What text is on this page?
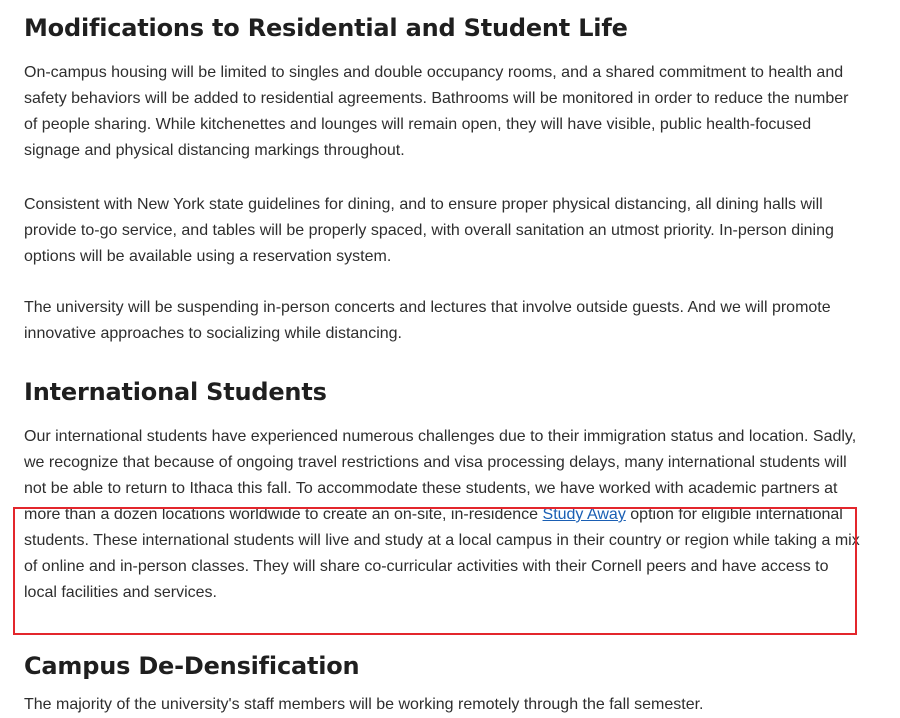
Modifications to Residential and Student Life

On-campus housing will be limited to singles and double occupancy rooms, and a shared commitment to health and safety behaviors will be added to residential agreements. Bathrooms will be monitored in order to reduce the number of people sharing. While kitchenettes and lounges will remain open, they will have visible, public health-focused signage and physical distancing markings throughout.

Consistent with New York state guidelines for dining, and to ensure proper physical distancing, all dining halls will provide to-go service, and tables will be properly spaced, with overall sanitation an utmost priority. In-person dining options will be available using a reservation system.

The university will be suspending in-person concerts and lectures that involve outside guests. And we will promote innovative approaches to socializing while distancing.

International Students

Our international students have experienced numerous challenges due to their immigration status and location. Sadly, we recognize that because of ongoing travel restrictions and visa processing delays, many international students will not be able to return to Ithaca this fall. To accommodate these students, we have worked with academic partners at more than a dozen locations worldwide to create an on-site, in-residence Study Away option for eligible international students. These international students will live and study at a local campus in their country or region while taking a mix of online and in-person classes. They will share co-curricular activities with their Cornell peers and have access to local facilities and services.

Campus De-Densification

The majority of the university's staff members will be working remotely through the fall semester.
